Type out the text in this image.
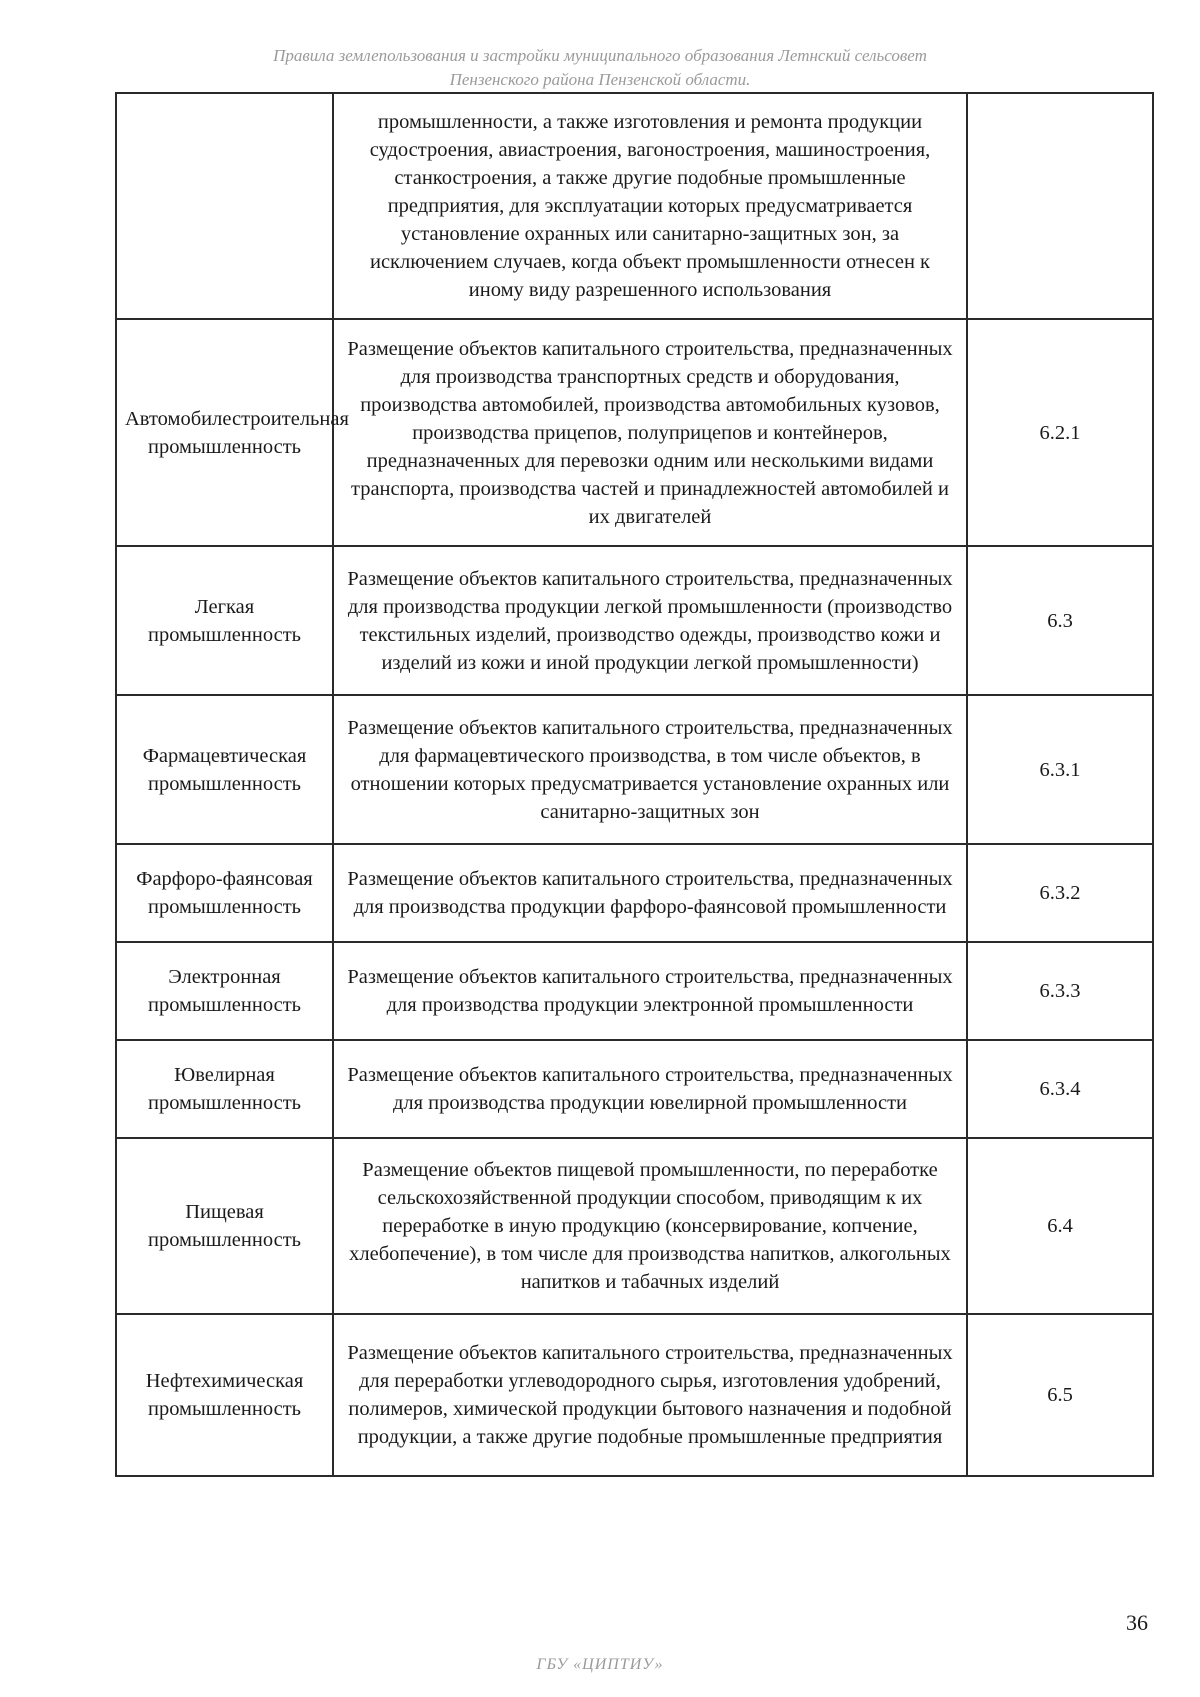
Правила землепользования и застройки муниципального образования Летнский сельсовет
Пензенского района Пензенской области.
	промышленности, а также изготовления и ремонта продукции судостроения, авиастроения, вагоностроения, машиностроения, станкостроения, а также другие подобные промышленные предприятия, для эксплуатации которых предусматривается установление охранных или санитарно-защитных зон, за исключением случаев, когда объект промышленности отнесен к иному виду разрешенного использования	
Автомобилестроительная промышленность	Размещение объектов капитального строительства, предназначенных для производства транспортных средств и оборудования, производства автомобилей, производства автомобильных кузовов, производства прицепов, полуприцепов и контейнеров, предназначенных для перевозки одним или несколькими видами транспорта, производства частей и принадлежностей автомобилей и их двигателей	6.2.1
Легкая промышленность	Размещение объектов капитального строительства, предназначенных для производства продукции легкой промышленности (производство текстильных изделий, производство одежды, производство кожи и изделий из кожи и иной продукции легкой промышленности)	6.3
Фармацевтическая промышленность	Размещение объектов капитального строительства, предназначенных для фармацевтического производства, в том числе объектов, в отношении которых предусматривается установление охранных или санитарно-защитных зон	6.3.1
Фарфоро-фаянсовая промышленность	Размещение объектов капитального строительства, предназначенных для производства продукции фарфоро-фаянсовой промышленности	6.3.2
Электронная промышленность	Размещение объектов капитального строительства, предназначенных для производства продукции электронной промышленности	6.3.3
Ювелирная промышленность	Размещение объектов капитального строительства, предназначенных для производства продукции ювелирной промышленности	6.3.4
Пищевая промышленность	Размещение объектов пищевой промышленности, по переработке сельскохозяйственной продукции способом, приводящим к их переработке в иную продукцию (консервирование, копчение, хлебопечение), в том числе для производства напитков, алкогольных напитков и табачных изделий	6.4
Нефтехимическая промышленность	Размещение объектов капитального строительства, предназначенных для переработки углеводородного сырья, изготовления удобрений, полимеров, химической продукции бытового назначения и подобной продукции, а также другие подобные промышленные предприятия	6.5
36
ГБУ «ЦИПТИУ»
